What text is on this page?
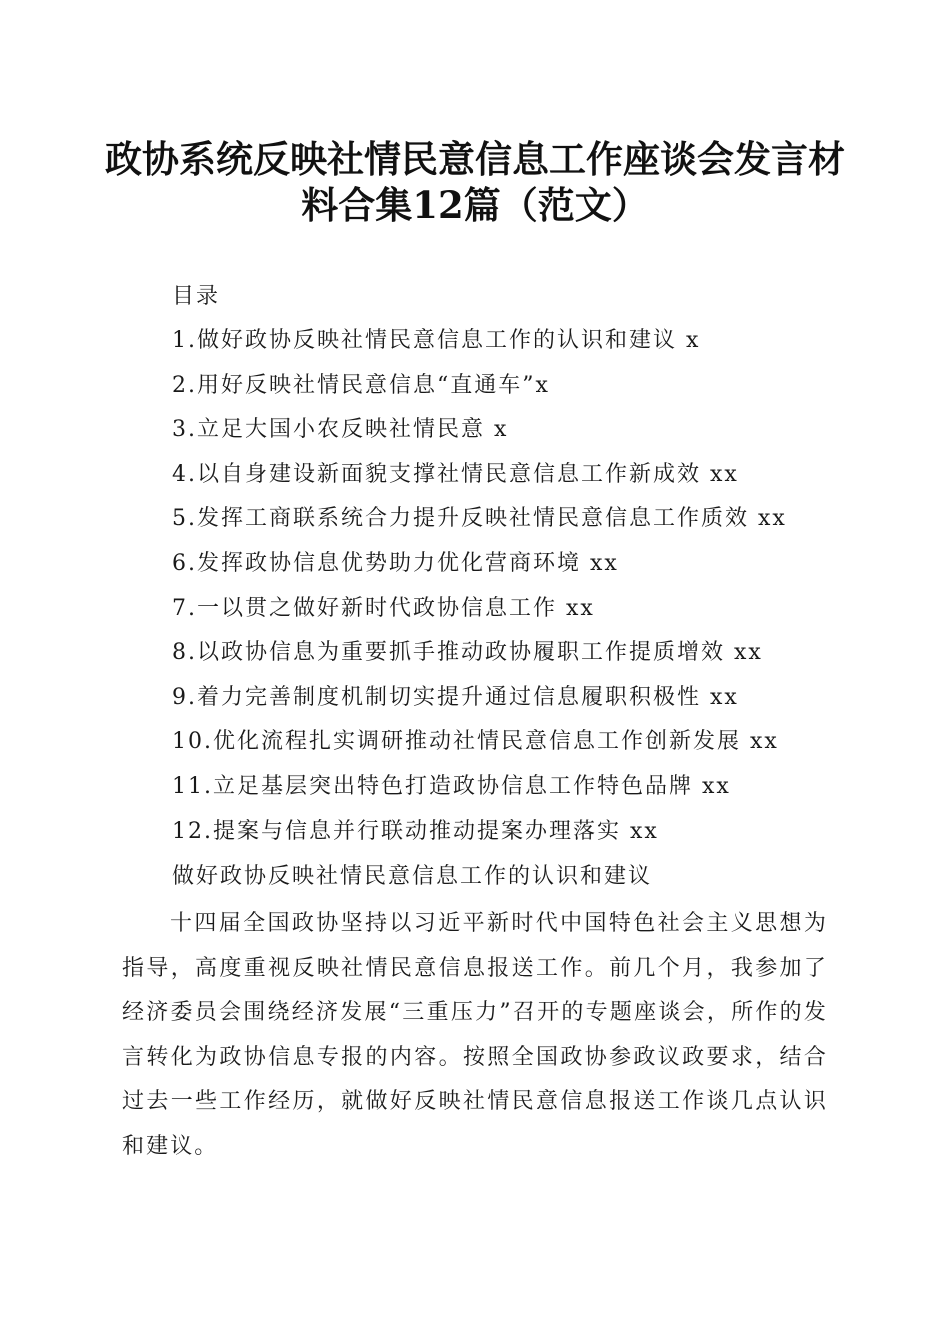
政协系统反映社情民意信息工作座谈会发言材
料合集12篇（范文）
目录
1.做好政协反映社情民意信息工作的认识和建议 x
2.用好反映社情民意信息“直通车”x
3.立足大国小农反映社情民意 x
4.以自身建设新面貌支撑社情民意信息工作新成效 xx
5.发挥工商联系统合力提升反映社情民意信息工作质效 xx
6.发挥政协信息优势助力优化营商环境 xx
7.一以贯之做好新时代政协信息工作 xx
8.以政协信息为重要抓手推动政协履职工作提质增效 xx
9.着力完善制度机制切实提升通过信息履职积极性 xx
10.优化流程扎实调研推动社情民意信息工作创新发展 xx
11.立足基层突出特色打造政协信息工作特色品牌 xx
12.提案与信息并行联动推动提案办理落实 xx
做好政协反映社情民意信息工作的认识和建议

十四届全国政协坚持以习近平新时代中国特色社会主义思想为指导，高度重视反映社情民意信息报送工作。前几个月，我参加了经济委员会围绕经济发展“三重压力”召开的专题座谈会，所作的发言转化为政协信息专报的内容。按照全国政协参政议政要求，结合过去一些工作经历，就做好反映社情民意信息报送工作谈几点认识和建议。
